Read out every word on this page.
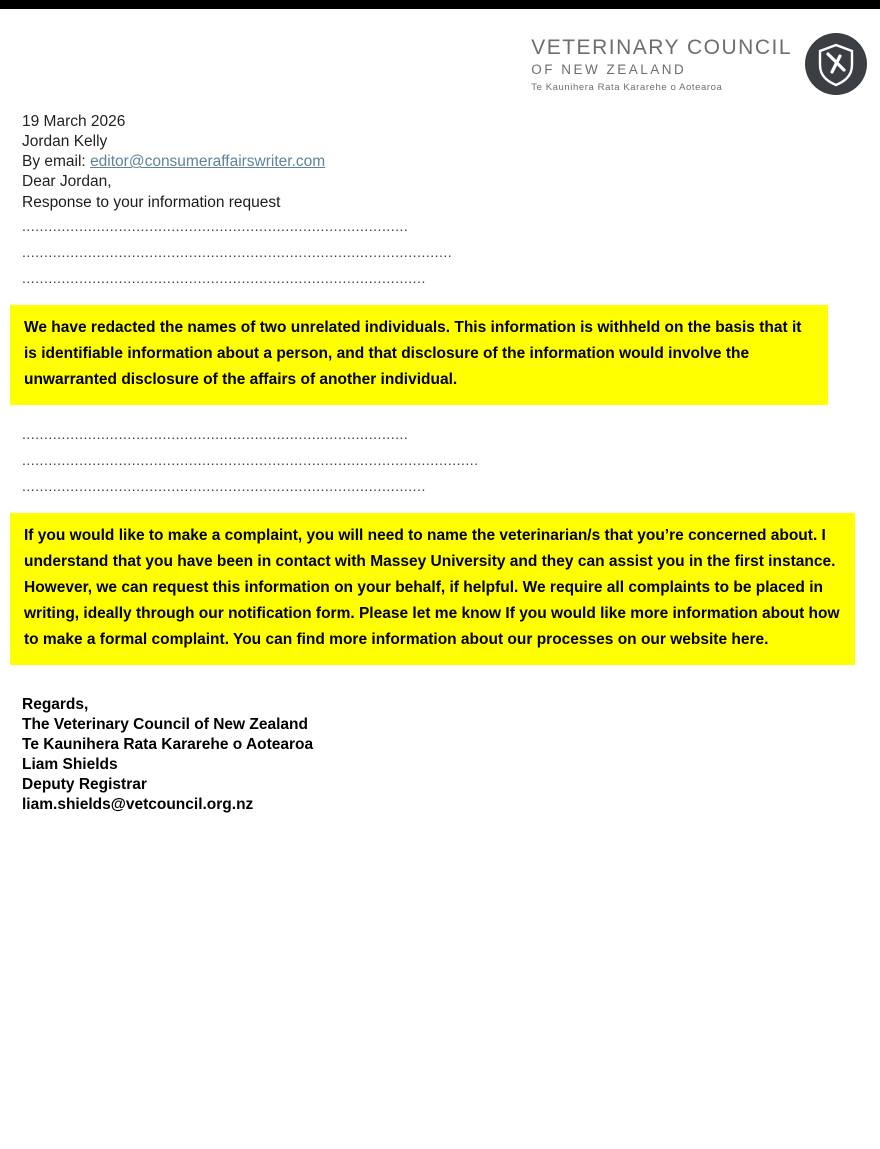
VETERINARY COUNCIL
OF NEW ZEALAND
Te Kaunihera Rata Kararehe o Aotearoa

19 March 2026

Jordan Kelly

By email: editor@consumeraffairswriter.com

Dear Jordan,

Response to your information request

........................................................................................
..................................................................................................
............................................................................................
We have redacted the names of two unrelated individuals. This information is withheld on the basis that it is identifiable information about a person, and that disclosure of the information would involve the unwarranted disclosure of the affairs of another individual.
........................................................................................
........................................................................................................
............................................................................................
If you would like to make a complaint, you will need to name the veterinarian/s that you’re concerned about. I understand that you have been in contact with Massey University and they can assist you in the first instance. However, we can request this information on your behalf, if helpful. We require all complaints to be placed in writing, ideally through our notification form. Please let me know If you would like more information about how to make a formal complaint. You can find more information about our processes on our website here.

Regards,

The Veterinary Council of New Zealand

Te Kaunihera Rata Kararehe o Aotearoa

Liam Shields

Deputy Registrar

liam.shields@vetcouncil.org.nz
